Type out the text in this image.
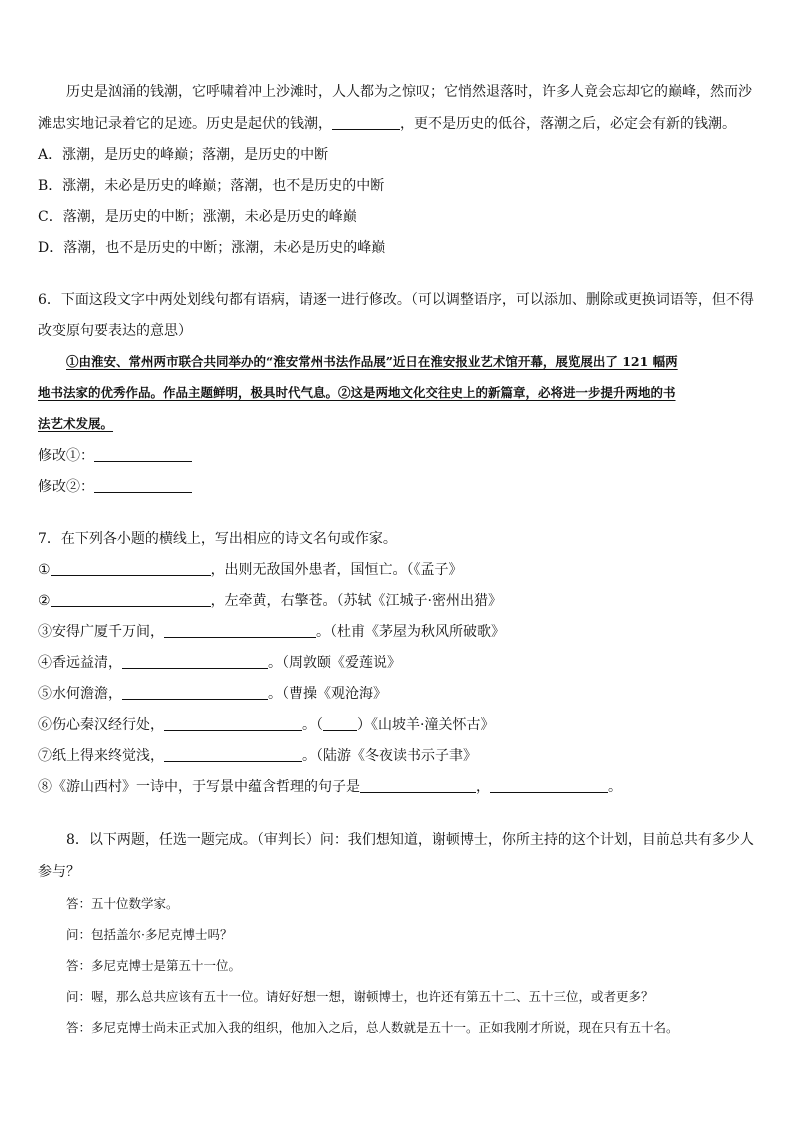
历史是汹涌的钱潮，它呼啸着冲上沙滩时，人人都为之惊叹；它悄然退落时，许多人竟会忘却它的巅峰，然而沙
滩忠实地记录着它的足迹。历史是起伏的钱潮，	，更不是历史的低谷，落潮之后，必定会有新的钱潮。
A．涨潮，是历史的峰巅；落潮，是历史的中断
B．涨潮，未必是历史的峰巅；落潮，也不是历史的中断
C．落潮，是历史的中断；涨潮，未必是历史的峰巅
D．落潮，也不是历史的中断；涨潮，未必是历史的峰巅
6．下面这段文字中两处划线句都有语病，请逐一进行修改。（可以调整语序，可以添加、删除或更换词语等，但不得
改变原句要表达的意思）
①由淮安、常州两市联合共同举办的“淮安常州书法作品展”近日在淮安报业艺术馆开幕，展览展出了 121 幅两
地书法家的优秀作品。作品主题鲜明，极具时代气息。②这是两地文化交往史上的新篇章，必将进一步提升两地的书
法艺术发展。
修改①：
修改②：
7．在下列各小题的横线上，写出相应的诗文名句或作家。
①	，出则无敌国外患者，国恒亡。（《孟子》
②	，左牵黄，右擎苍。（苏轼《江城子·密州出猎》
③安得广厦千万间，	。（杜甫《茅屋为秋风所破歌》
④香远益清，	。（周敦颐《爱莲说》
⑤水何澹澹，	。（曹操《观沧海》
⑥伤心秦汉经行处，	。（ ）《山坡羊·潼关怀古》
⑦纸上得来终觉浅，	。（陆游《冬夜读书示子聿》
⑧《游山西村》一诗中，于写景中蕴含哲理的句子是	，	。
8．以下两题，任选一题完成。（审判长）问：我们想知道，谢顿博士，你所主持的这个计划，目前总共有多少人
参与？
答：五十位数学家。
问：包括盖尔·多尼克博士吗？
答：多尼克博士是第五十一位。
问：喔，那么总共应该有五十一位。请好好想一想，谢顿博士，也许还有第五十二、五十三位，或者更多？
答：多尼克博士尚未正式加入我的组织，他加入之后，总人数就是五十一。正如我刚才所说，现在只有五十名。
